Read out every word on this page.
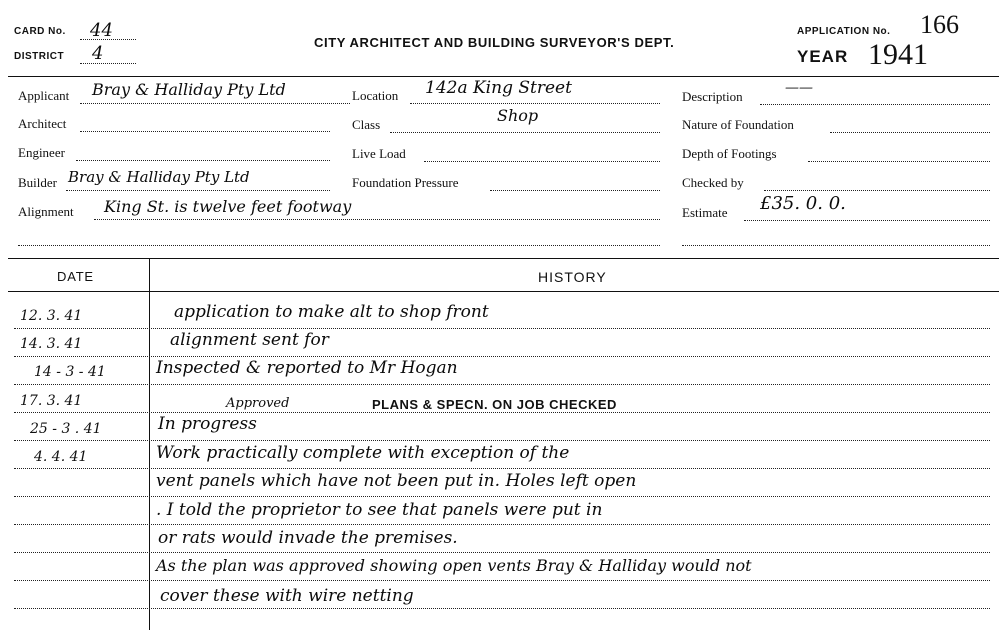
CARD No. 44
DISTRICT 4
CITY ARCHITECT AND BUILDING SURVEYOR'S DEPT.
APPLICATION No. 166
YEAR 1941
Applicant Bray & Halliday Pty Ltd	Location 142a King Street	Description
——
Architect	Class	Shop	Nature of Foundation
Engineer	Live Load	Depth of Footings
Builder Bray & Halliday Pty Ltd	Foundation Pressure	Checked by
Alignment King St. is twelve feet footway	Estimate £35. 0. 0.
DATE	HISTORY
12. 3. 41	application to make alt to shop front
14. 3. 41	alignment sent for
14 - 3 - 41	Inspected & reported to Mr Hogan
17. 3. 41	Approved	PLANS & SPECN. ON JOB CHECKED
25 - 3 . 41	In progress
4. 4. 41	Work practically complete with exception of the
vent panels which have not been put in. Holes left open
. I told the proprietor to see that panels were put in
or rats would invade the premises.
As the plan was approved showing open vents Bray & Halliday would not
cover these with wire netting
